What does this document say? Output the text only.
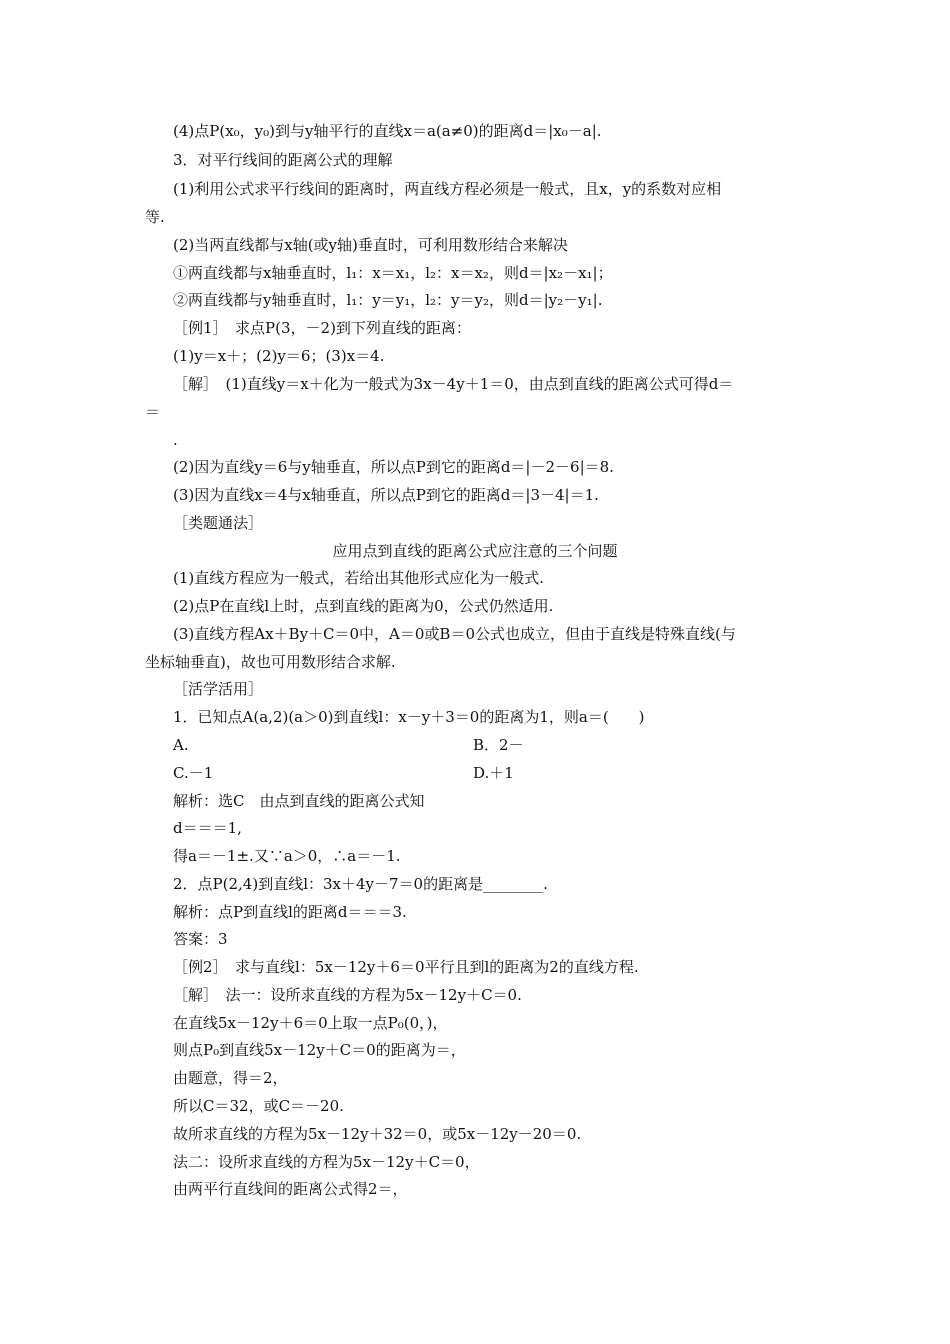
(4)点P(x₀，y₀)到与y轴平行的直线x＝a(a≠0)的距离d＝|x₀－a|.
3．对平行线间的距离公式的理解
(1)利用公式求平行线间的距离时，两直线方程必须是一般式，且x，y的系数对应相
等.
(2)当两直线都与x轴(或y轴)垂直时，可利用数形结合来解决
①两直线都与x轴垂直时，l₁：x＝x₁，l₂：x＝x₂，则d＝|x₂－x₁|；
②两直线都与y轴垂直时，l₁：y＝y₁，l₂：y＝y₂，则d＝|y₂－y₁|.
［例1］　求点P(3，－2)到下列直线的距离：
(1)y＝x＋；(2)y＝6；(3)x＝4.
［解］　(1)直线y＝x＋化为一般式为3x－4y＋1＝0，由点到直线的距离公式可得d＝
＝
.
(2)因为直线y＝6与y轴垂直，所以点P到它的距离d＝|－2－6|＝8.
(3)因为直线x＝4与x轴垂直，所以点P到它的距离d＝|3－4|＝1.
［类题通法］
应用点到直线的距离公式应注意的三个问题
(1)直线方程应为一般式，若给出其他形式应化为一般式.
(2)点P在直线l上时，点到直线的距离为0，公式仍然适用.
(3)直线方程Ax＋By＋C＝0中，A＝0或B＝0公式也成立，但由于直线是特殊直线(与
坐标轴垂直)，故也可用数形结合求解.
［活学活用］
1．已知点A(a,2)(a＞0)到直线l：x－y＋3＝0的距离为1，则a＝(　　)
A.	B．2－
C.－1	D.＋1
解析：选C　由点到直线的距离公式知
d＝＝＝1,
得a＝－1±.又∵a＞0，∴a＝－1.
2．点P(2,4)到直线l：3x＋4y－7＝0的距离是________.
解析：点P到直线l的距离d＝＝＝3.
答案：3
［例2］　求与直线l：5x－12y＋6＝0平行且到l的距离为2的直线方程.
［解］　法一：设所求直线的方程为5x－12y＋C＝0.
在直线5x－12y＋6＝0上取一点P₀(0，)，
则点P₀到直线5x－12y＋C＝0的距离为＝，
由题意，得＝2，
所以C＝32，或C＝－20.
故所求直线的方程为5x－12y＋32＝0，或5x－12y－20＝0.
法二：设所求直线的方程为5x－12y＋C＝0，
由两平行直线间的距离公式得2＝，
